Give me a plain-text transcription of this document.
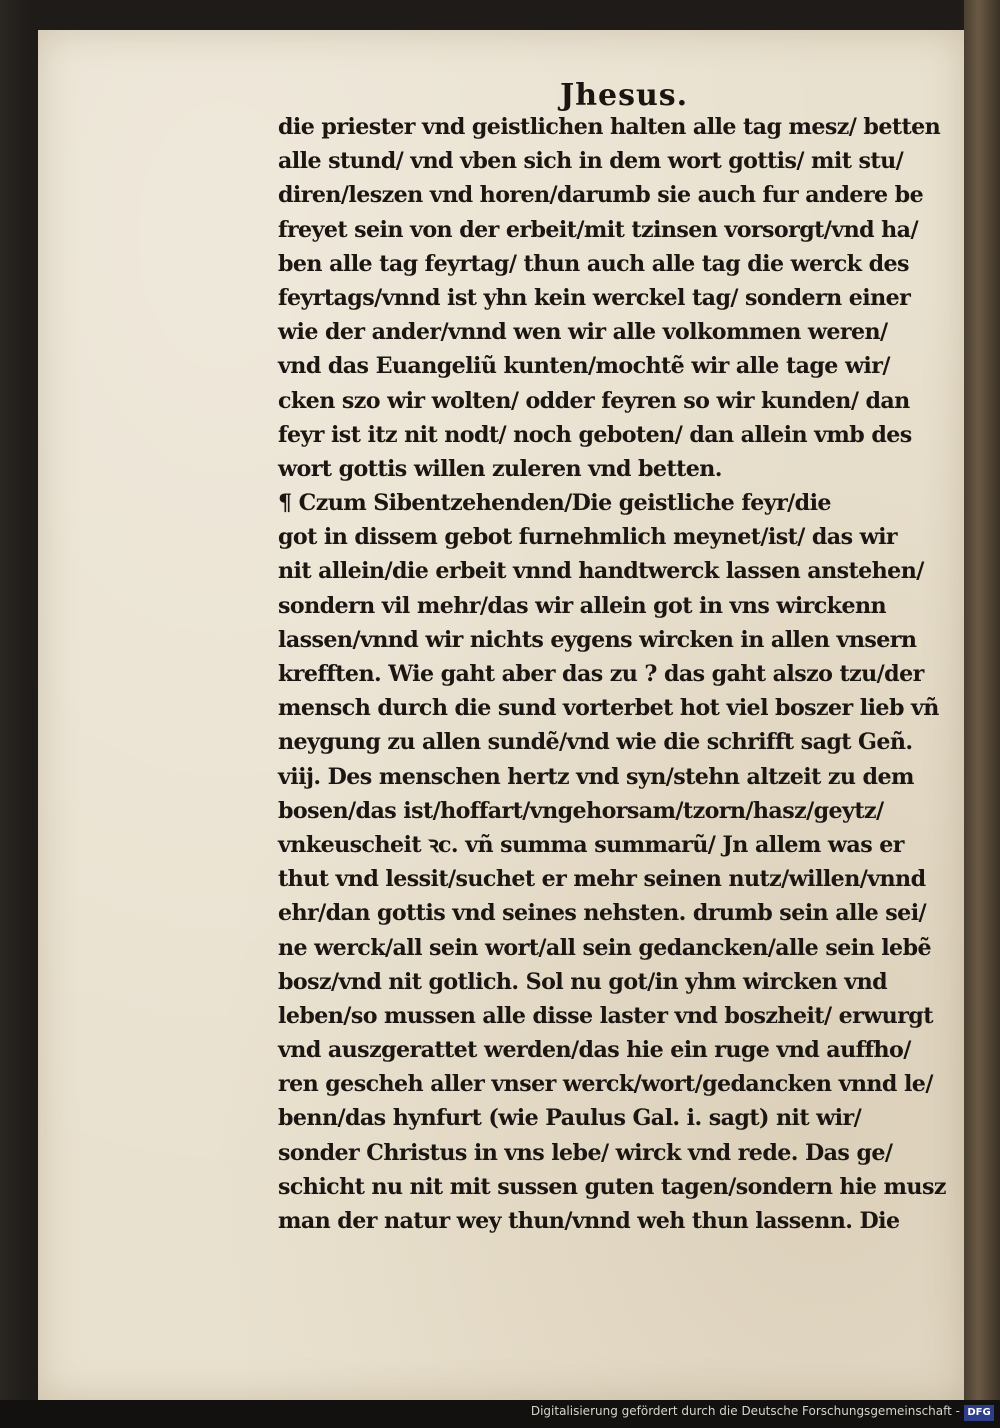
Jhesus.
die priester vnd geistlichen halten alle tag mesz/ betten
alle stund/ vnd vben sich in dem wort gottis/ mit stu/
diren/leszen vnd horen/darumb sie auch fur andere be
freyet sein von der erbeit/mit tzinsen vorsorgt/vnd ha/
ben alle tag feyrtag/ thun auch alle tag die werck des
feyrtags/vnnd ist yhn kein werckel tag/ sondern einer
wie der ander/vnnd wen wir alle volkommen weren/
vnd das Euangeliũ kunten/mochtẽ wir alle tage wir/
cken szo wir wolten/ odder feyren so wir kunden/ dan
feyr ist itz nit nodt/ noch geboten/ dan allein vmb des
wort gottis willen zuleren vnd betten.
¶ Czum Sibentzehenden/Die geistliche feyr/die
got in dissem gebot furnehmlich meynet/ist/ das wir
nit allein/die erbeit vnnd handtwerck lassen anstehen/
sondern vil mehr/das wir allein got in vns wirckenn
lassen/vnnd wir nichts eygens wircken in allen vnsern
krefften. Wie gaht aber das zu ? das gaht alszo tzu/der
mensch durch die sund vorterbet hot viel boszer lieb vñ
neygung zu allen sundẽ/vnd wie die schrifft sagt Geñ.
viij. Des menschen hertz vnd syn/stehn altzeit zu dem
bosen/das ist/hoffart/vngehorsam/tzorn/hasz/geytz/
vnkeuscheit ꝛc. vñ summa summarũ/ Jn allem was er
thut vnd lessit/suchet er mehr seinen nutz/willen/vnnd
ehr/dan gottis vnd seines nehsten. drumb sein alle sei/
ne werck/all sein wort/all sein gedancken/alle sein lebẽ
bosz/vnd nit gotlich. Sol nu got/in yhm wircken vnd
leben/so mussen alle disse laster vnd boszheit/ erwurgt
vnd auszgerattet werden/das hie ein ruge vnd auffho/
ren gescheh aller vnser werck/wort/gedancken vnnd le/
benn/das hynfurt (wie Paulus Gal. i. sagt) nit wir/
sonder Christus in vns lebe/ wirck vnd rede. Das ge/
schicht nu nit mit sussen guten tagen/sondern hie musz
man der natur wey thun/vnnd weh thun lassenn. Die
Digitalisierung gefördert durch die Deutsche Forschungsgemeinschaft - DFG
